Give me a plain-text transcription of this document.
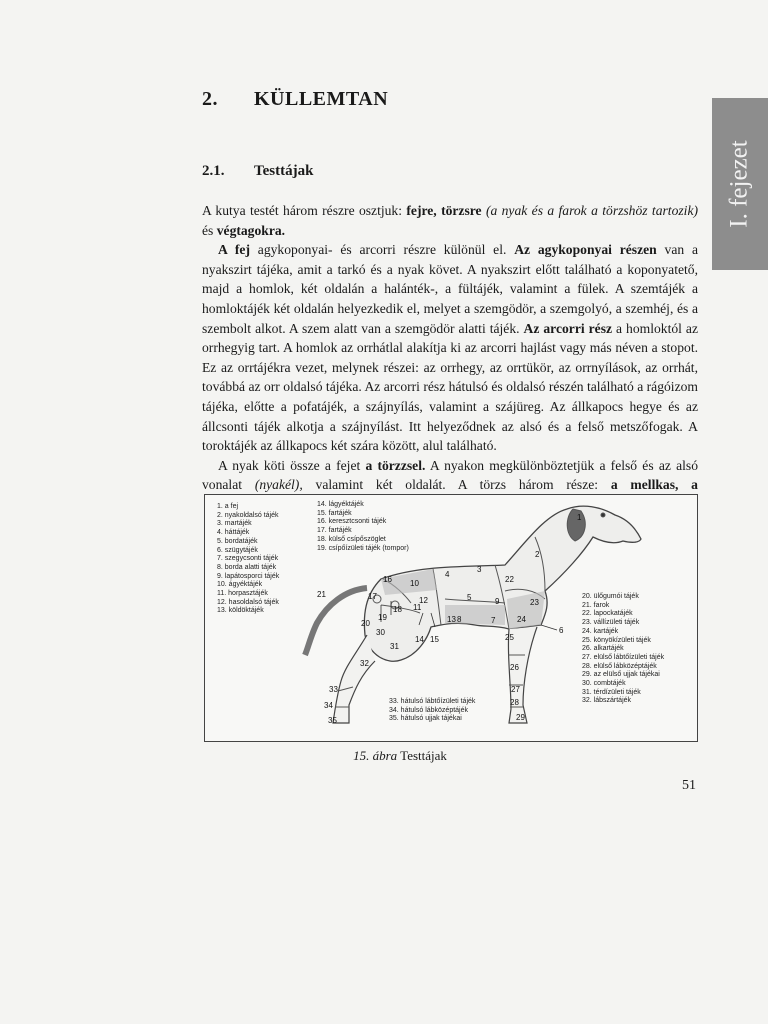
I. fejezet
2. KÜLLEMTAN
2.1. Testtájak

A kutya testét három részre osztjuk: fejre, törzsre (a nyak és a farok a törzshöz tartozik) és végtagokra.

A fej agykoponyai- és arcorri részre különül el. Az agykoponyai részen van a nyakszirt tájéka, amit a tarkó és a nyak követ. A nyakszirt előtt található a koponyatető, majd a homlok, két oldalán a halánték-, a fültájék, valamint a fülek. A szemtájék a homloktájék két oldalán helyezkedik el, melyet a szemgödör, a szemgolyó, a szemhéj, és a szembolt alkot. A szem alatt van a szemgödör alatti tájék. Az arcorri rész a homloktól az orrhegyig tart. A homlok az orrhátlal alakítja ki az arcorri hajlást vagy más néven a stopot. Ez az orrtájékra vezet, melynek részei: az orrhegy, az orrtükör, az orrnyílások, az orrhát, továbbá az orr oldalsó tájéka. Az arcorri rész hátulsó és oldalsó részén található a rágóizom tájéka, előtte a pofatájék, a szájnyílás, valamint a szájüreg. Az állkapocs hegye és az állcsonti tájék alkotja a szájnyílást. Itt helyeződnek az alsó és a felső metszőfogak. A toroktájék az állkapocs két szára között, alul található.

A nyak köti össze a fejet a törzzsel. A nyakon megkülönböztetjük a felső és az alsó vonalat (nyakél), valamint két oldalát. A törzs három része: a mellkas, a

1
2
3
4
5
6
7
8
9
10
11
12
13
14 15
16
17
18
19
20
21
22
23
24
25
26
27
28
29
30
31
32
33
34
35
1. a fej
2. nyakoldalsó tájék
3. martájék
4. háttájék
5. bordatájék
6. szügytájék
7. szegycsonti tájék
8. borda alatti tájék
9. lapátosporci tájék
10. ágyéktájék
11. horpasztájék
12. hasoldalsó tájék
13. köldöktájék
14. lágyéktájék
15. fartájék
16. keresztcsonti tájék
17. fartájék
18. külső csípőszöglet
19. csípőízületi tájék (tompor)
20. ülőgumói tájék
21. farok
22. lapockatájék
23. vállízületi tájék
24. kartájék
25. könyökízületi tájék
26. alkartájék
27. elülső lábtőízületi tájék
28. elülső lábközéptájék
29. az elülső ujjak tájékai
30. combtájék
31. térdízületi tájék
32. lábszártájék
33. hátulsó lábtőízületi tájék
34. hátulsó lábközéptájék
35. hátulsó ujjak tájékai
15. ábra Testtájak
51
